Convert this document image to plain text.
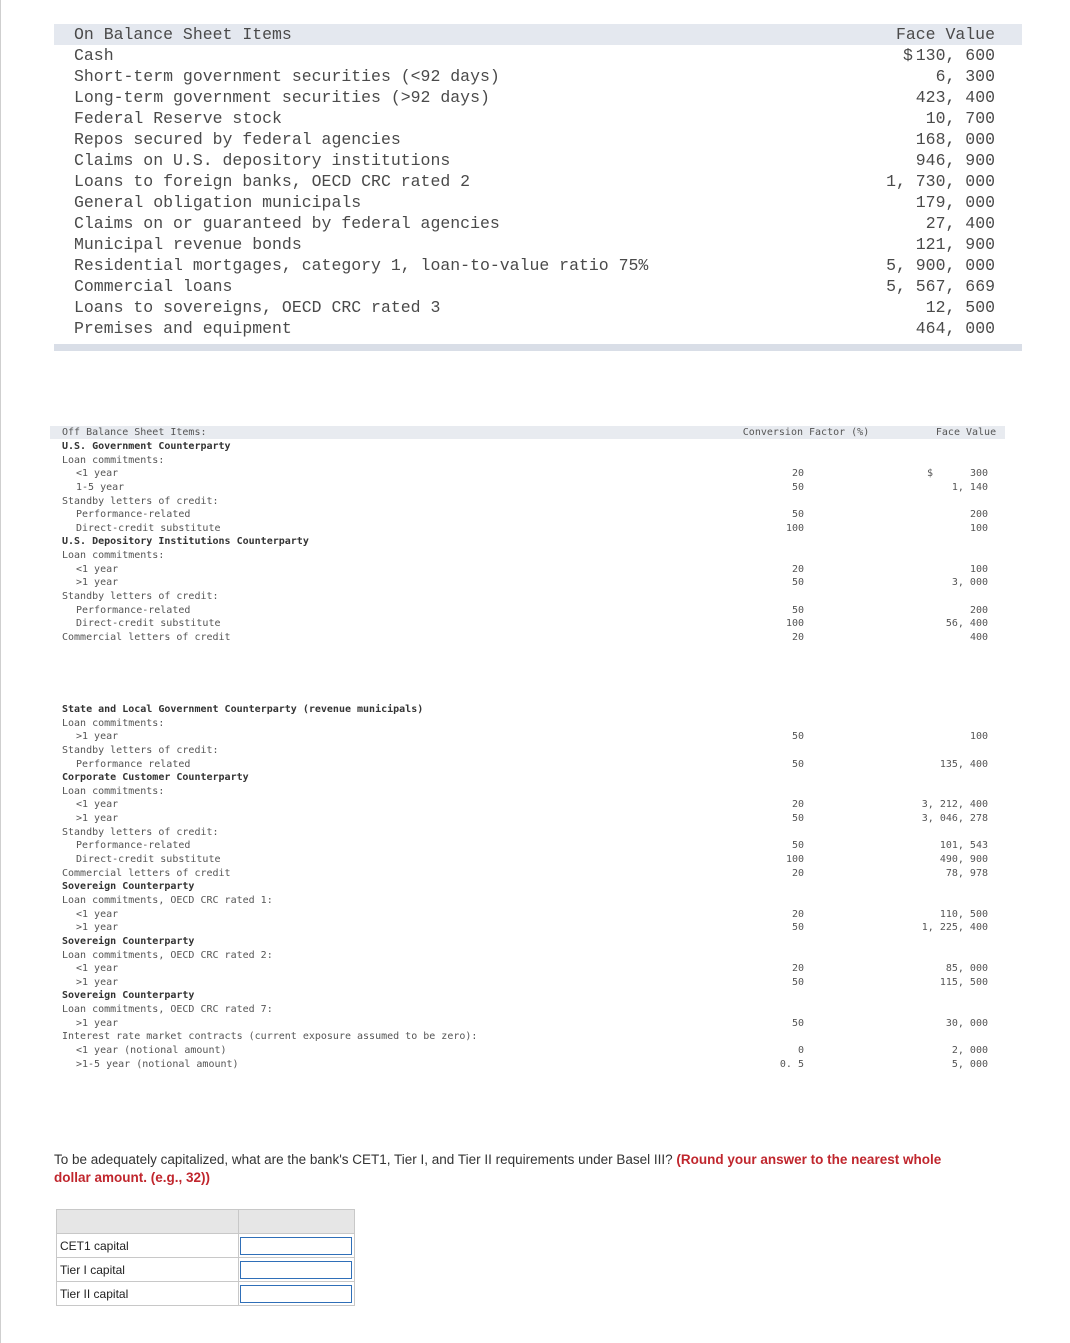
On Balance Sheet Items	Face Value
Cash	$ 130, 600
Short-term government securities (<92 days)	6, 300
Long-term government securities (>92 days)	423, 400
Federal Reserve stock	10, 700
Repos secured by federal agencies	168, 000
Claims on U.S. depository institutions	946, 900
Loans to foreign banks, OECD CRC rated 2	1, 730, 000
General obligation municipals	179, 000
Claims on or guaranteed by federal agencies	27, 400
Municipal revenue bonds	121, 900
Residential mortgages, category 1, loan-to-value ratio 75%	5, 900, 000
Commercial loans	5, 567, 669
Loans to sovereigns, OECD CRC rated 3	12, 500
Premises and equipment	464, 000
Off Balance Sheet Items:	Conversion Factor (%)	Face Value
U.S. Government Counterparty
Loan commitments:
<1 year	20	$	300
1-5 year	50	1, 140
Standby letters of credit:
Performance-related	50	200
Direct-credit substitute	100	100
U.S. Depository Institutions Counterparty
Loan commitments:
<1 year	20	100
>1 year	50	3, 000
Standby letters of credit:
Performance-related	50	200
Direct-credit substitute	100	56, 400
Commercial letters of credit	20	400
State and Local Government Counterparty (revenue municipals)
Loan commitments:
>1 year	50	100
Standby letters of credit:
Performance related	50	135, 400
Corporate Customer Counterparty
Loan commitments:
<1 year	20	3, 212, 400
>1 year	50	3, 046, 278
Standby letters of credit:
Performance-related	50	101, 543
Direct-credit substitute	100	490, 900
Commercial letters of credit	20	78, 978
Sovereign Counterparty
Loan commitments, OECD CRC rated 1:
<1 year	20	110, 500
>1 year	50	1, 225, 400
Sovereign Counterparty
Loan commitments, OECD CRC rated 2:
<1 year	20	85, 000
>1 year	50	115, 500
Sovereign Counterparty
Loan commitments, OECD CRC rated 7:
>1 year	50	30, 000
Interest rate market contracts (current exposure assumed to be zero):
<1 year (notional amount)	0	2, 000
>1-5 year (notional amount)	0. 5	5, 000
To be adequately capitalized, what are the bank's CET1, Tier I, and Tier II requirements under Basel III? (Round your answer to the nearest whole dollar amount. (e.g., 32))

CET1 capital	
Tier I capital	
Tier II capital	
